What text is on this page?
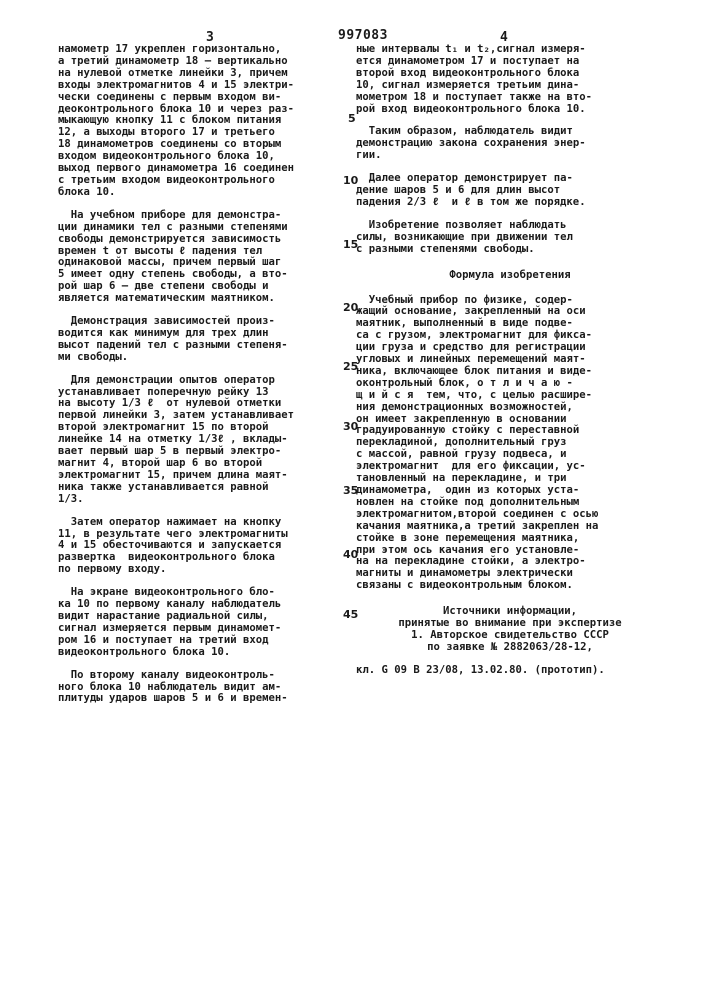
3	997083	4

намометр 17 укреплен горизонтально,

а третий динамометр 18 – вертикально

на нулевой отметке линейки 3, причем

входы электромагнитов 4 и 15 электри-

чески соединены с первым входом ви-

деоконтрольного блока 10 и через раз-

мыкающую кнопку 11 с блоком питания

12, а выходы второго 17 и третьего

18 динамометров соединены со вторым

входом видеоконтрольного блока 10,

выход первого динамометра 16 соединен

с третьим входом видеоконтрольного

блока 10.

На учебном приборе для демонстра-

ции динамики тел с разными степенями

свободы демонстрируется зависимость

времен t от высоты ℓ падения тел

одинаковой массы, причем первый шаг

5 имеет одну степень свободы, а вто-

рой шар 6 – две степени свободы и

является математическим маятником.

Демонстрация зависимостей произ-

водится как минимум для трех длин

высот падений тел с разными степеня-

ми свободы.

Для демонстрации опытов оператор

устанавливает поперечную рейку 13

на высоту 1/3 ℓ  от нулевой отметки

первой линейки 3, затем устанавливает

второй электромагнит 15 по второй

линейке 14 на отметку 1/3ℓ , вклады-

вает первый шар 5 в первый электро-

магнит 4, второй шар 6 во второй

электромагнит 15, причем длина маят-

ника также устанавливается равной

1/3.

Затем оператор нажимает на кнопку

11, в результате чего электромагниты

4 и 15 обесточиваются и запускается

развертка  видеоконтрольного блока

по первому входу.

На экране видеоконтрольного бло-

ка 10 по первому каналу наблюдатель

видит нарастание радиальной силы,

сигнал измеряется первым динамомет-

ром 16 и поступает на третий вход

видеоконтрольного блока 10.

По второму каналу видеоконтроль-

ного блока 10 наблюдатель видит ам-

плитуды ударов шаров 5 и 6 и времен-

ные интервалы t₁ и t₂,сигнал измеря-

ется динамометром 17 и поступает на

второй вход видеоконтрольного блока

10, сигнал измеряется третьим дина-

мометром 18 и поступает также на вто-

рой вход видеоконтрольного блока 10.

Таким образом, наблюдатель видит

демонстрацию закона сохранения энер-

гии.

Далее оператор демонстрирует па-

дение шаров 5 и 6 для длин высот

падения 2/3 ℓ  и ℓ в том же порядке.

Изобретение позволяет наблюдать

силы, возникающие при движении тел

с разными степенями свободы.

Формула изобретения

Учебный прибор по физике, содер-

жащий основание, закрепленный на оси

маятник, выполненный в виде подве-

са с грузом, электромагнит для фикса-

ции груза и средство для регистрации

угловых и линейных перемещений маят-

ника, включающее блок питания и виде-

оконтрольный блок, о т л и ч а ю -

щ и й с я  тем, что, с целью расшире-

ния демонстрационных возможностей,

он имеет закрепленную в основании

градуированную стойку с переставной

перекладиной, дополнительный груз

с массой, равной грузу подвеса, и

электромагнит  для его фиксации, ус-

тановленный на перекладине, и три

динамометра,  один из которых уста-

новлен на стойке под дополнительным

электромагнитом,второй соединен с осью

качания маятника,а третий закреплен на

стойке в зоне перемещения маятника,

при этом ось качания его установле-

на на перекладине стойки, а электро-

магниты и динамометры электрически

связаны с видеоконтрольным блоком.

Источники информации,

принятые во внимание при экспертизе

1. Авторское свидетельство СССР

по заявке № 2882063/28-12,

кл. G 09 В 23/08, 13.02.80. (прототип).

5
10
15
20
25
30
35
40
45
